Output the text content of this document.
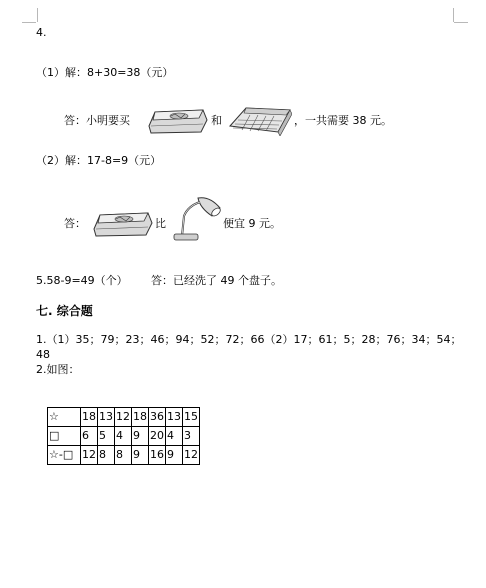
4.
（1）解：8+30=38（元）
答：小明要买	和	，一共需要 38 元。
（2）解：17-8=9（元）
答：	比	便宜 9 元。
5.58-9=49（个） 答：已经洗了 49 个盘子。
七. 综合题
1.（1）35；79；23；46；94；52；72；66（2）17；61；5；28；76；34；54；
48
2.如图：
☆	18	13	12	18	36	13	15
□	6	5	4	9	20	4	3
☆-□	12	8	8	9	16	9	12
